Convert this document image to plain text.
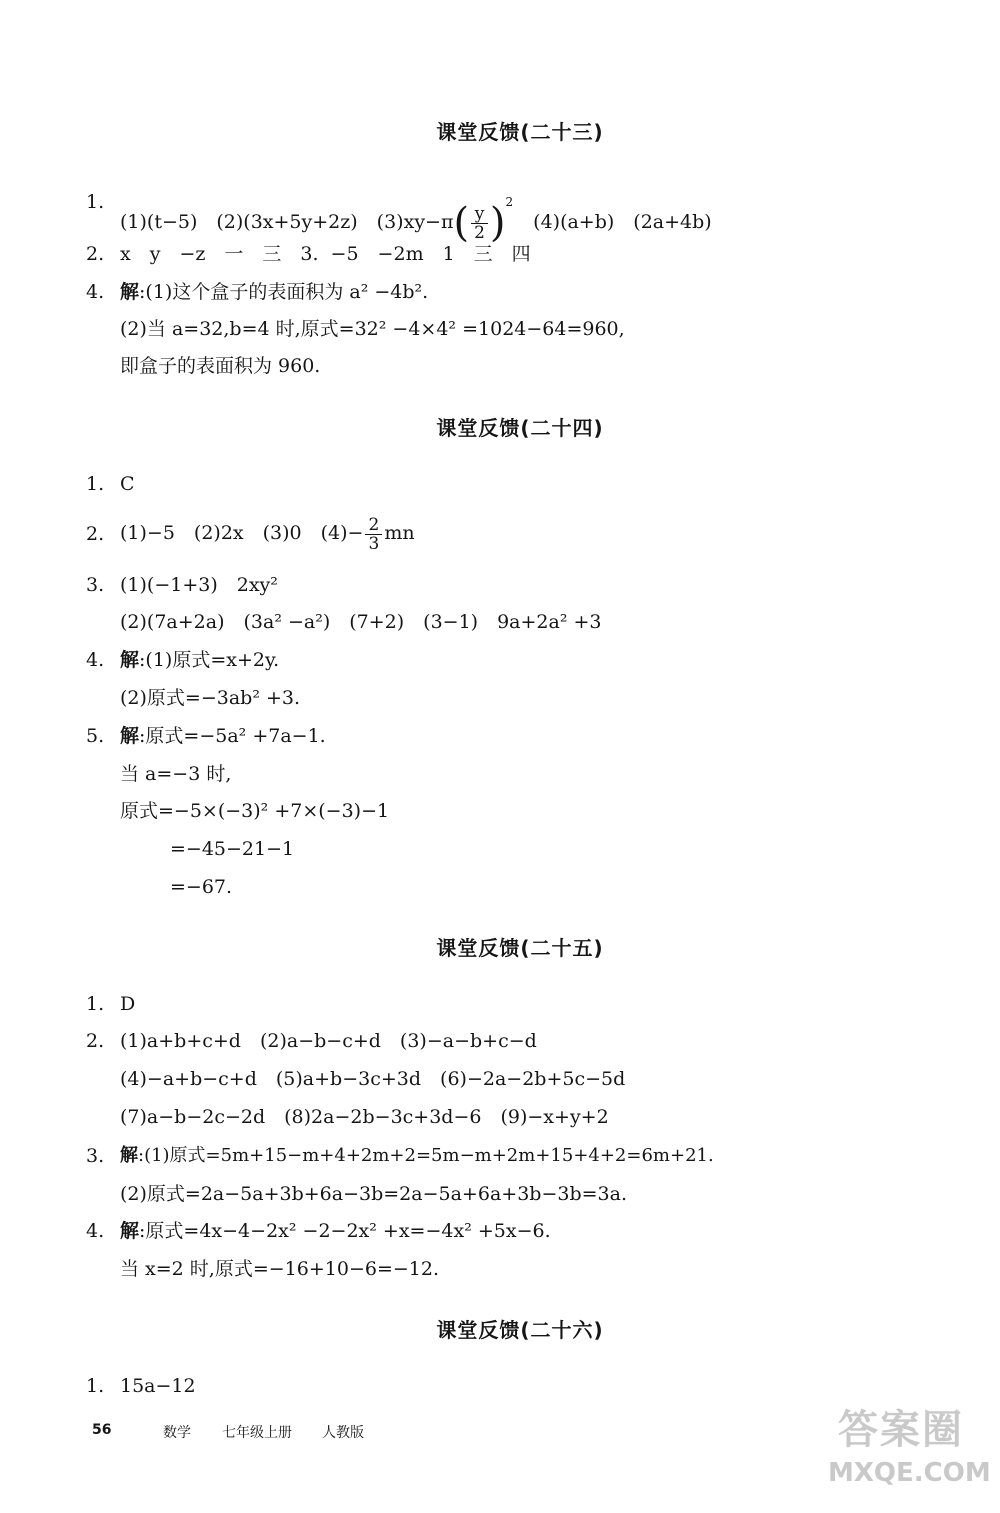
课堂反馈(二十三)
1.
(1)(t−5)　(2)(3x+5y+2z)　$(3)xy-\pi( \frac{y}{2} )^2(4)(a+b)$　(2a+4b)
2. x　y　−z　一　三　3. −5　−2m　1　三　四
4. 解:(1)这个盒子的表面积为 a² −4b².
(2)当 a=32,b=4 时,原式=32² −4×4² =1024−64=960,
即盒子的表面积为 960.
课堂反馈(二十四)
1. C
2. (1)−5　(2)2x　(3)0　$(4)- \frac{2}{3}$ mn
3. (1)(−1+3)　2xy²
(2)(7a+2a)　(3a² −a²)　(7+2)　(3−1)　9a+2a² +3
4. 解:(1)原式=x+2y.
(2)原式=−3ab² +3.
5. 解:原式=−5a² +7a−1.
当 a=−3 时,
原式=−5×(−3)² +7×(−3)−1
=−45−21−1
=−67.
课堂反馈(二十五)
1. D
2. (1)a+b+c+d　(2)a−b−c+d　(3)−a−b+c−d
(4)−a+b−c+d　(5)a+b−3c+3d　(6)−2a−2b+5c−5d
(7)a−b−2c−2d　(8)2a−2b−3c+3d−6　(9)−x+y+2
3. 解:(1)原式=5m+15−m+4+2m+2=5m−m+2m+15+4+2=6m+21.
(2)原式=2a−5a+3b+6a−3b=2a−5a+6a+3b−3b=3a.
4. 解:原式=4x−4−2x² −2−2x² +x=−4x² +5x−6.
当 x=2 时,原式=−16+10−6=−12.
课堂反馈(二十六)
1. 15a−12
56	数学 七年级上册 人教版	答案圈
MXQE.COM
